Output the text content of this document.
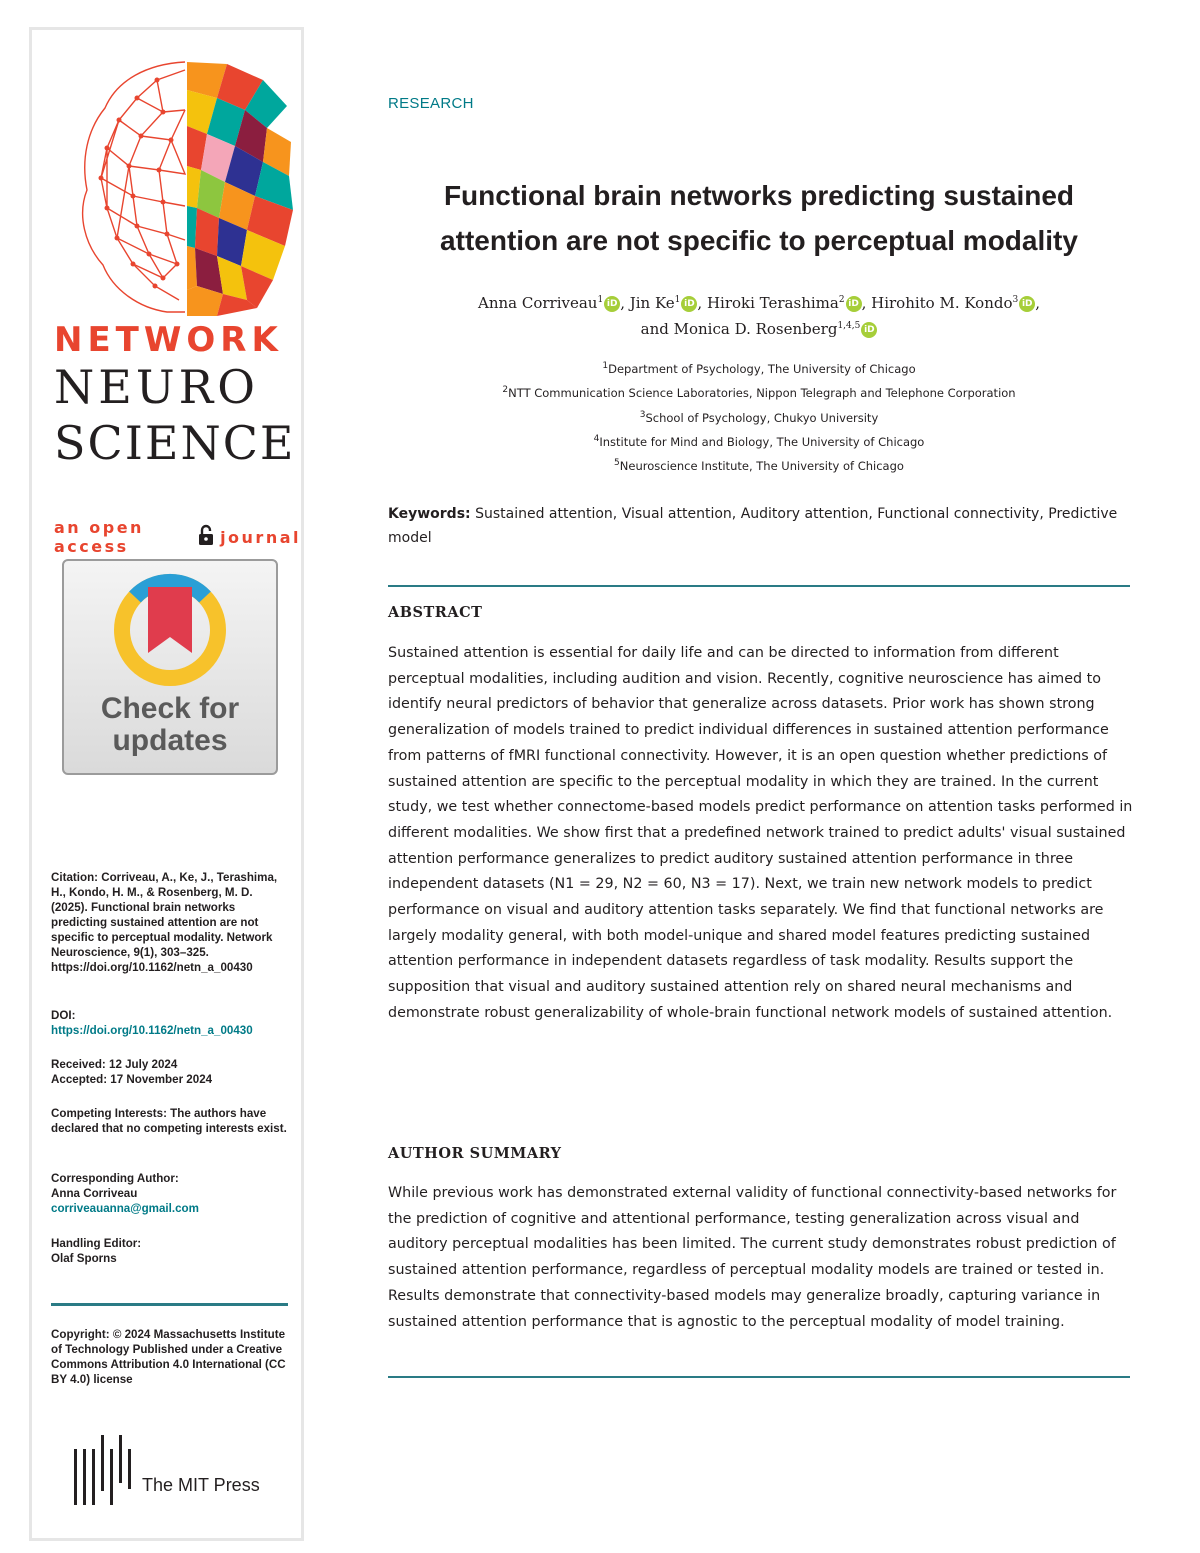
NETWORK
NEURO
SCIENCE
an open access	journal
Check for updates
Citation: Corriveau, A., Ke, J., Terashima, H., Kondo, H. M., & Rosenberg, M. D. (2025). Functional brain networks predicting sustained attention are not specific to perceptual modality. Network Neuroscience, 9(1), 303–325. https://doi.org/10.1162/netn_a_00430
DOI:
https://doi.org/10.1162/netn_a_00430
Received: 12 July 2024
Accepted: 17 November 2024
Competing Interests: The authors have declared that no competing interests exist.
Corresponding Author:
Anna Corriveau
corriveauanna@gmail.com
Handling Editor:
Olaf Sporns
Copyright: © 2024 Massachusetts Institute of Technology Published under a Creative Commons Attribution 4.0 International (CC BY 4.0) license
The MIT Press
RESEARCH
Functional brain networks predicting sustained attention are not specific to perceptual modality
Anna Corriveau$^1$ iD , Jin Ke$^1$ iD , Hiroki Terashima$^2$ iD , Hirohito M. Kondo$^3$ iD ,
and Monica D. Rosenberg$^{1,4,5}$ iD
$^1$Department of Psychology, The University of Chicago
$^2$NTT Communication Science Laboratories, Nippon Telegraph and Telephone Corporation
$^3$School of Psychology, Chukyo University
$^4$Institute for Mind and Biology, The University of Chicago
$^5$Neuroscience Institute, The University of Chicago
Keywords: Sustained attention, Visual attention, Auditory attention, Functional connectivity, Predictive model
ABSTRACT
Sustained attention is essential for daily life and can be directed to information from different perceptual modalities, including audition and vision. Recently, cognitive neuroscience has aimed to identify neural predictors of behavior that generalize across datasets. Prior work has shown strong generalization of models trained to predict individual differences in sustained attention performance from patterns of fMRI functional connectivity. However, it is an open question whether predictions of sustained attention are specific to the perceptual modality in which they are trained. In the current study, we test whether connectome-based models predict performance on attention tasks performed in different modalities. We show first that a predefined network trained to predict adults' visual sustained attention performance generalizes to predict auditory sustained attention performance in three independent datasets (N1 = 29, N2 = 60, N3 = 17). Next, we train new network models to predict performance on visual and auditory attention tasks separately. We find that functional networks are largely modality general, with both model-unique and shared model features predicting sustained attention performance in independent datasets regardless of task modality. Results support the supposition that visual and auditory sustained attention rely on shared neural mechanisms and demonstrate robust generalizability of whole-brain functional network models of sustained attention.
AUTHOR SUMMARY
While previous work has demonstrated external validity of functional connectivity-based networks for the prediction of cognitive and attentional performance, testing generalization across visual and auditory perceptual modalities has been limited. The current study demonstrates robust prediction of sustained attention performance, regardless of perceptual modality models are trained or tested in. Results demonstrate that connectivity-based models may generalize broadly, capturing variance in sustained attention performance that is agnostic to the perceptual modality of model training.
